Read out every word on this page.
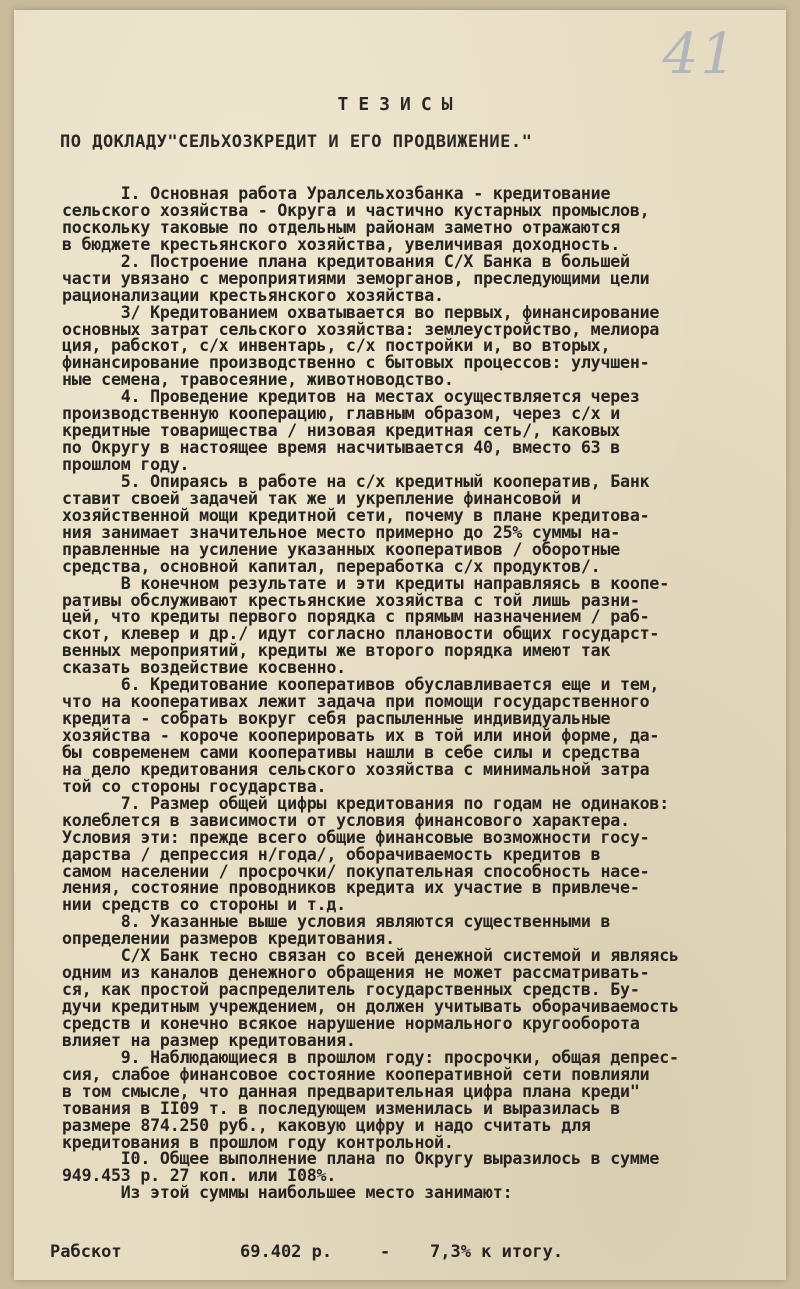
41
ТЕЗИСЫ
ПО ДОКЛАДУ"СЕЛЬХОЗКРЕДИТ И ЕГО ПРОДВИЖЕНИЕ."
I. Основная работа Уралсельхозбанка - кредитование
сельского хозяйства - Округа и частично кустарных промыслов,
поскольку таковые по отдельным районам заметно отражаются
в бюджете крестьянского хозяйства, увеличивая доходность.
2. Построение плана кредитования С/Х Банка в большей
части увязано с мероприятиями земорганов, преследующими цели
рационализации крестьянского хозяйства.
3/ Кредитованием охватывается во первых, финансирование
основных затрат сельского хозяйства: землеустройство, мелиора
ция, рабскот, с/х инвентарь, с/х постройки и, во вторых,
финансирование производственно с бытовых процессов: улучшен-
ные семена, травосеяние, животноводство.
4. Проведение кредитов на местах осуществляется через
производственную кооперацию, главным образом, через с/х и
кредитные товарищества / низовая кредитная сеть/, каковых
по Округу в настоящее время насчитывается 40, вместо 63 в
прошлом году.
5. Опираясь в работе на с/х кредитный кооператив, Банк
ставит своей задачей так же и укрепление финансовой и
хозяйственной мощи кредитной сети, почему в плане кредитова-
ния занимает значительное место примерно до 25% суммы на-
правленные на усиление указанных кооперативов / оборотные
средства, основной капитал, переработка с/х продуктов/.
В конечном результате и эти кредиты направляясь в коопе-
ративы обслуживают крестьянские хозяйства с той лишь разни-
цей, что кредиты первого порядка с прямым назначением / раб-
скот, клевер и др./ идут согласно плановости общих государст-
венных мероприятий, кредиты же второго порядка имеют так
сказать воздействие косвенно.
6. Кредитование кооперативов обуславливается еще и тем,
что на кооперативах лежит задача при помощи государственного
кредита - собрать вокруг себя распыленные индивидуальные
хозяйства - короче кооперировать их в той или иной форме, да-
бы современем сами кооперативы нашли в себе силы и средства
на дело кредитования сельского хозяйства с минимальной затра
той со стороны государства.
7. Размер общей цифры кредитования по годам не одинаков:
колеблется в зависимости от условия финансового характера.
Условия эти: прежде всего общие финансовые возможности госу-
дарства / депрессия н/года/, оборачиваемость кредитов в
самом населении / просрочки/ покупательная способность насе-
ления, состояние проводников кредита их участие в привлече-
нии средств со стороны и т.д.
8. Указанные выше условия являются существенными в
определении размеров кредитования.
С/Х Банк тесно связан со всей денежной системой и являясь
одним из каналов денежного обращения не может рассматривать-
ся, как простой распределитель государственных средств. Бу-
дучи кредитным учреждением, он должен учитывать оборачиваемость
средств и конечно всякое нарушение нормального кругооборота
влияет на размер кредитования.
9. Наблюдающиеся в прошлом году: просрочки, общая депрес-
сия, слабое финансовое состояние кооперативной сети повлияли
в том смысле, что данная предварительная цифра плана креди"
тования в II09 т. в последующем изменилась и выразилась в
размере 874.250 руб., каковую цифру и надо считать для
кредитования в прошлом году контрольной.
I0. Общее выполнение плана по Округу выразилось в сумме
949.453 р. 27 коп. или I08%.
Из этой суммы наибольшее место занимают:

Рабскот

	69.402 р.

	-

7,3% к итогу.
